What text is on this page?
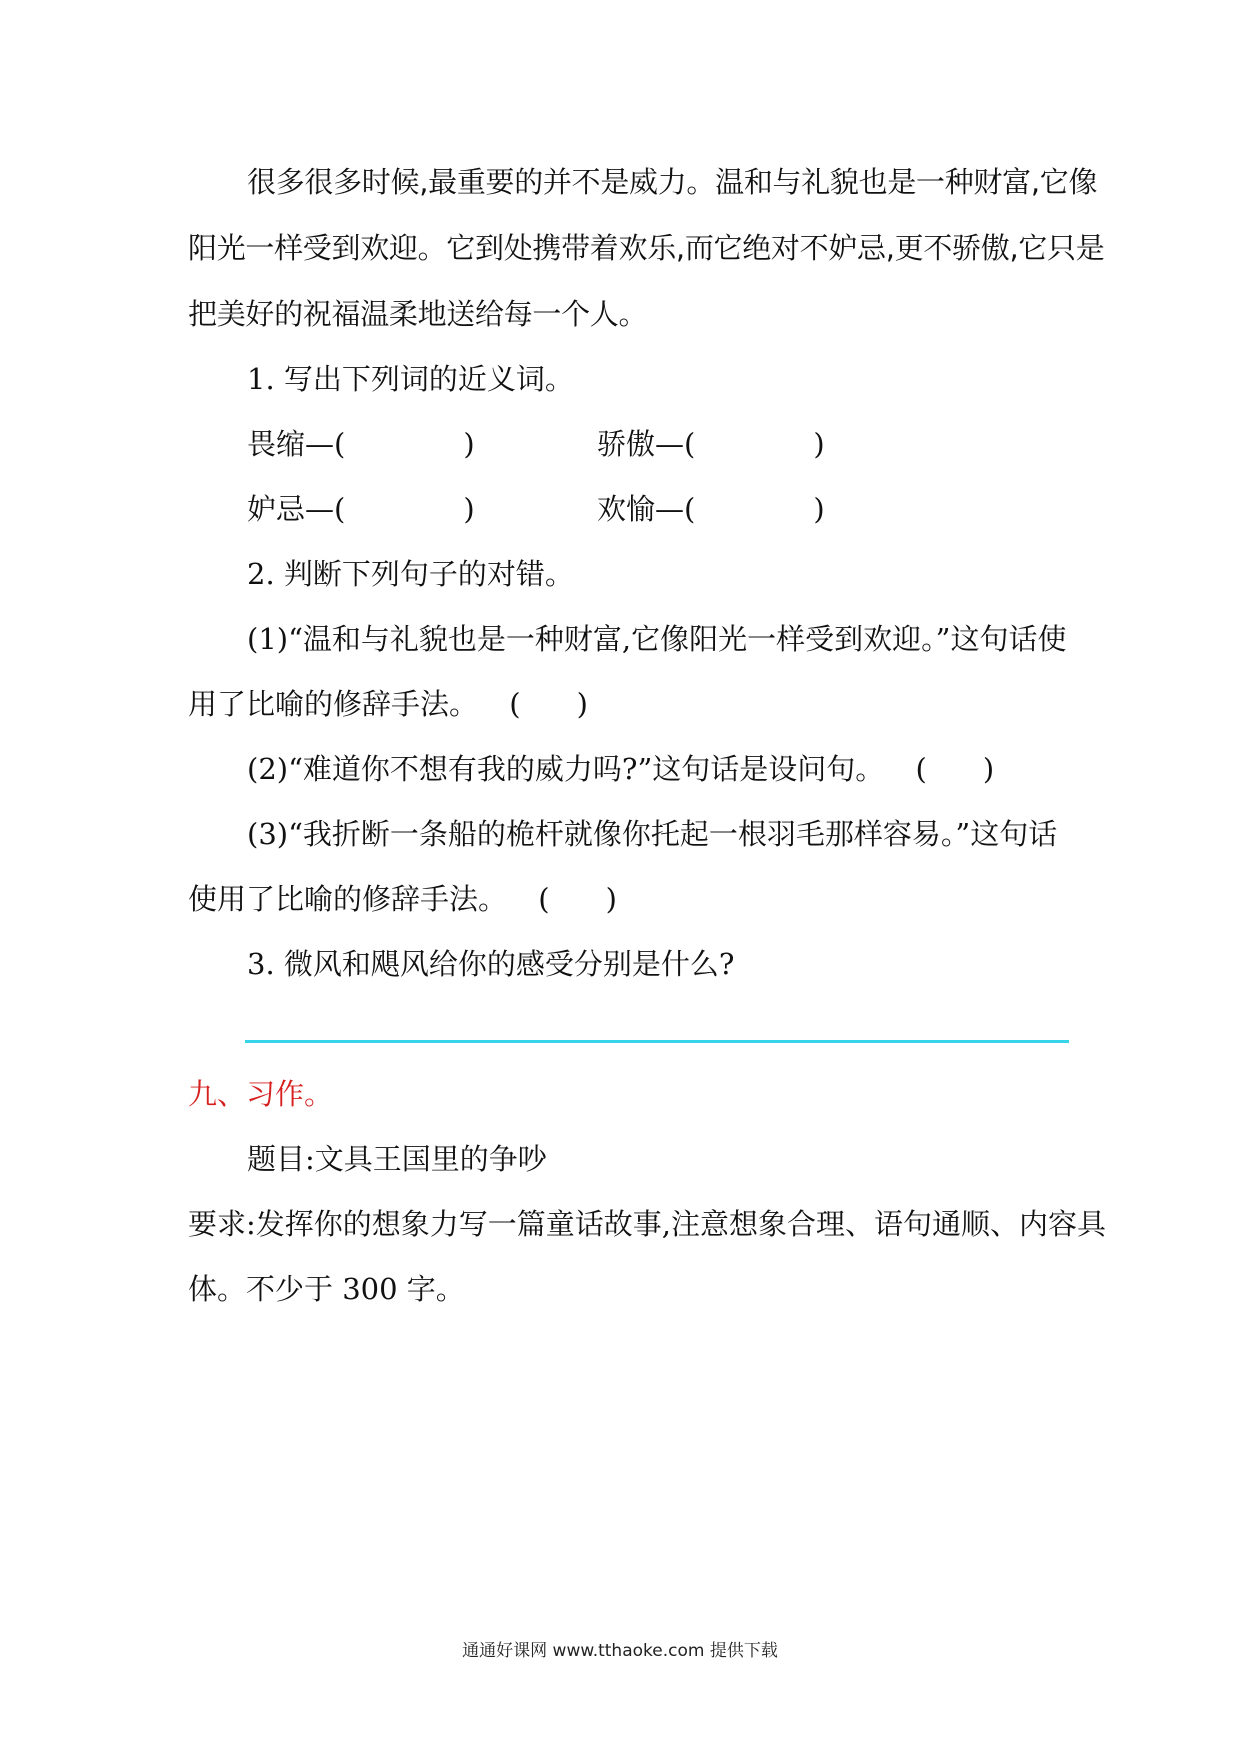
很多很多时候,最重要的并不是威力。温和与礼貌也是一种财富,它像
阳光一样受到欢迎。它到处携带着欢乐,而它绝对不妒忌,更不骄傲,它只是
把美好的祝福温柔地送给每一个人。
1. 写出下列词的近义词。
畏缩—(	)	骄傲—(	)
妒忌—(	)	欢愉—(	)
2. 判断下列句子的对错。
(1)“温和与礼貌也是一种财富,它像阳光一样受到欢迎。”这句话使
用了比喻的修辞手法。 ( )
(2)“难道你不想有我的威力吗?”这句话是设问句。 ( )
(3)“我折断一条船的桅杆就像你托起一根羽毛那样容易。”这句话
使用了比喻的修辞手法。 ( )
3. 微风和飓风给你的感受分别是什么?
九、习作。
题目:文具王国里的争吵
要求:发挥你的想象力写一篇童话故事,注意想象合理、语句通顺、内容具
体。不少于 300 字。
通通好课网 www.tthaoke.com 提供下载
